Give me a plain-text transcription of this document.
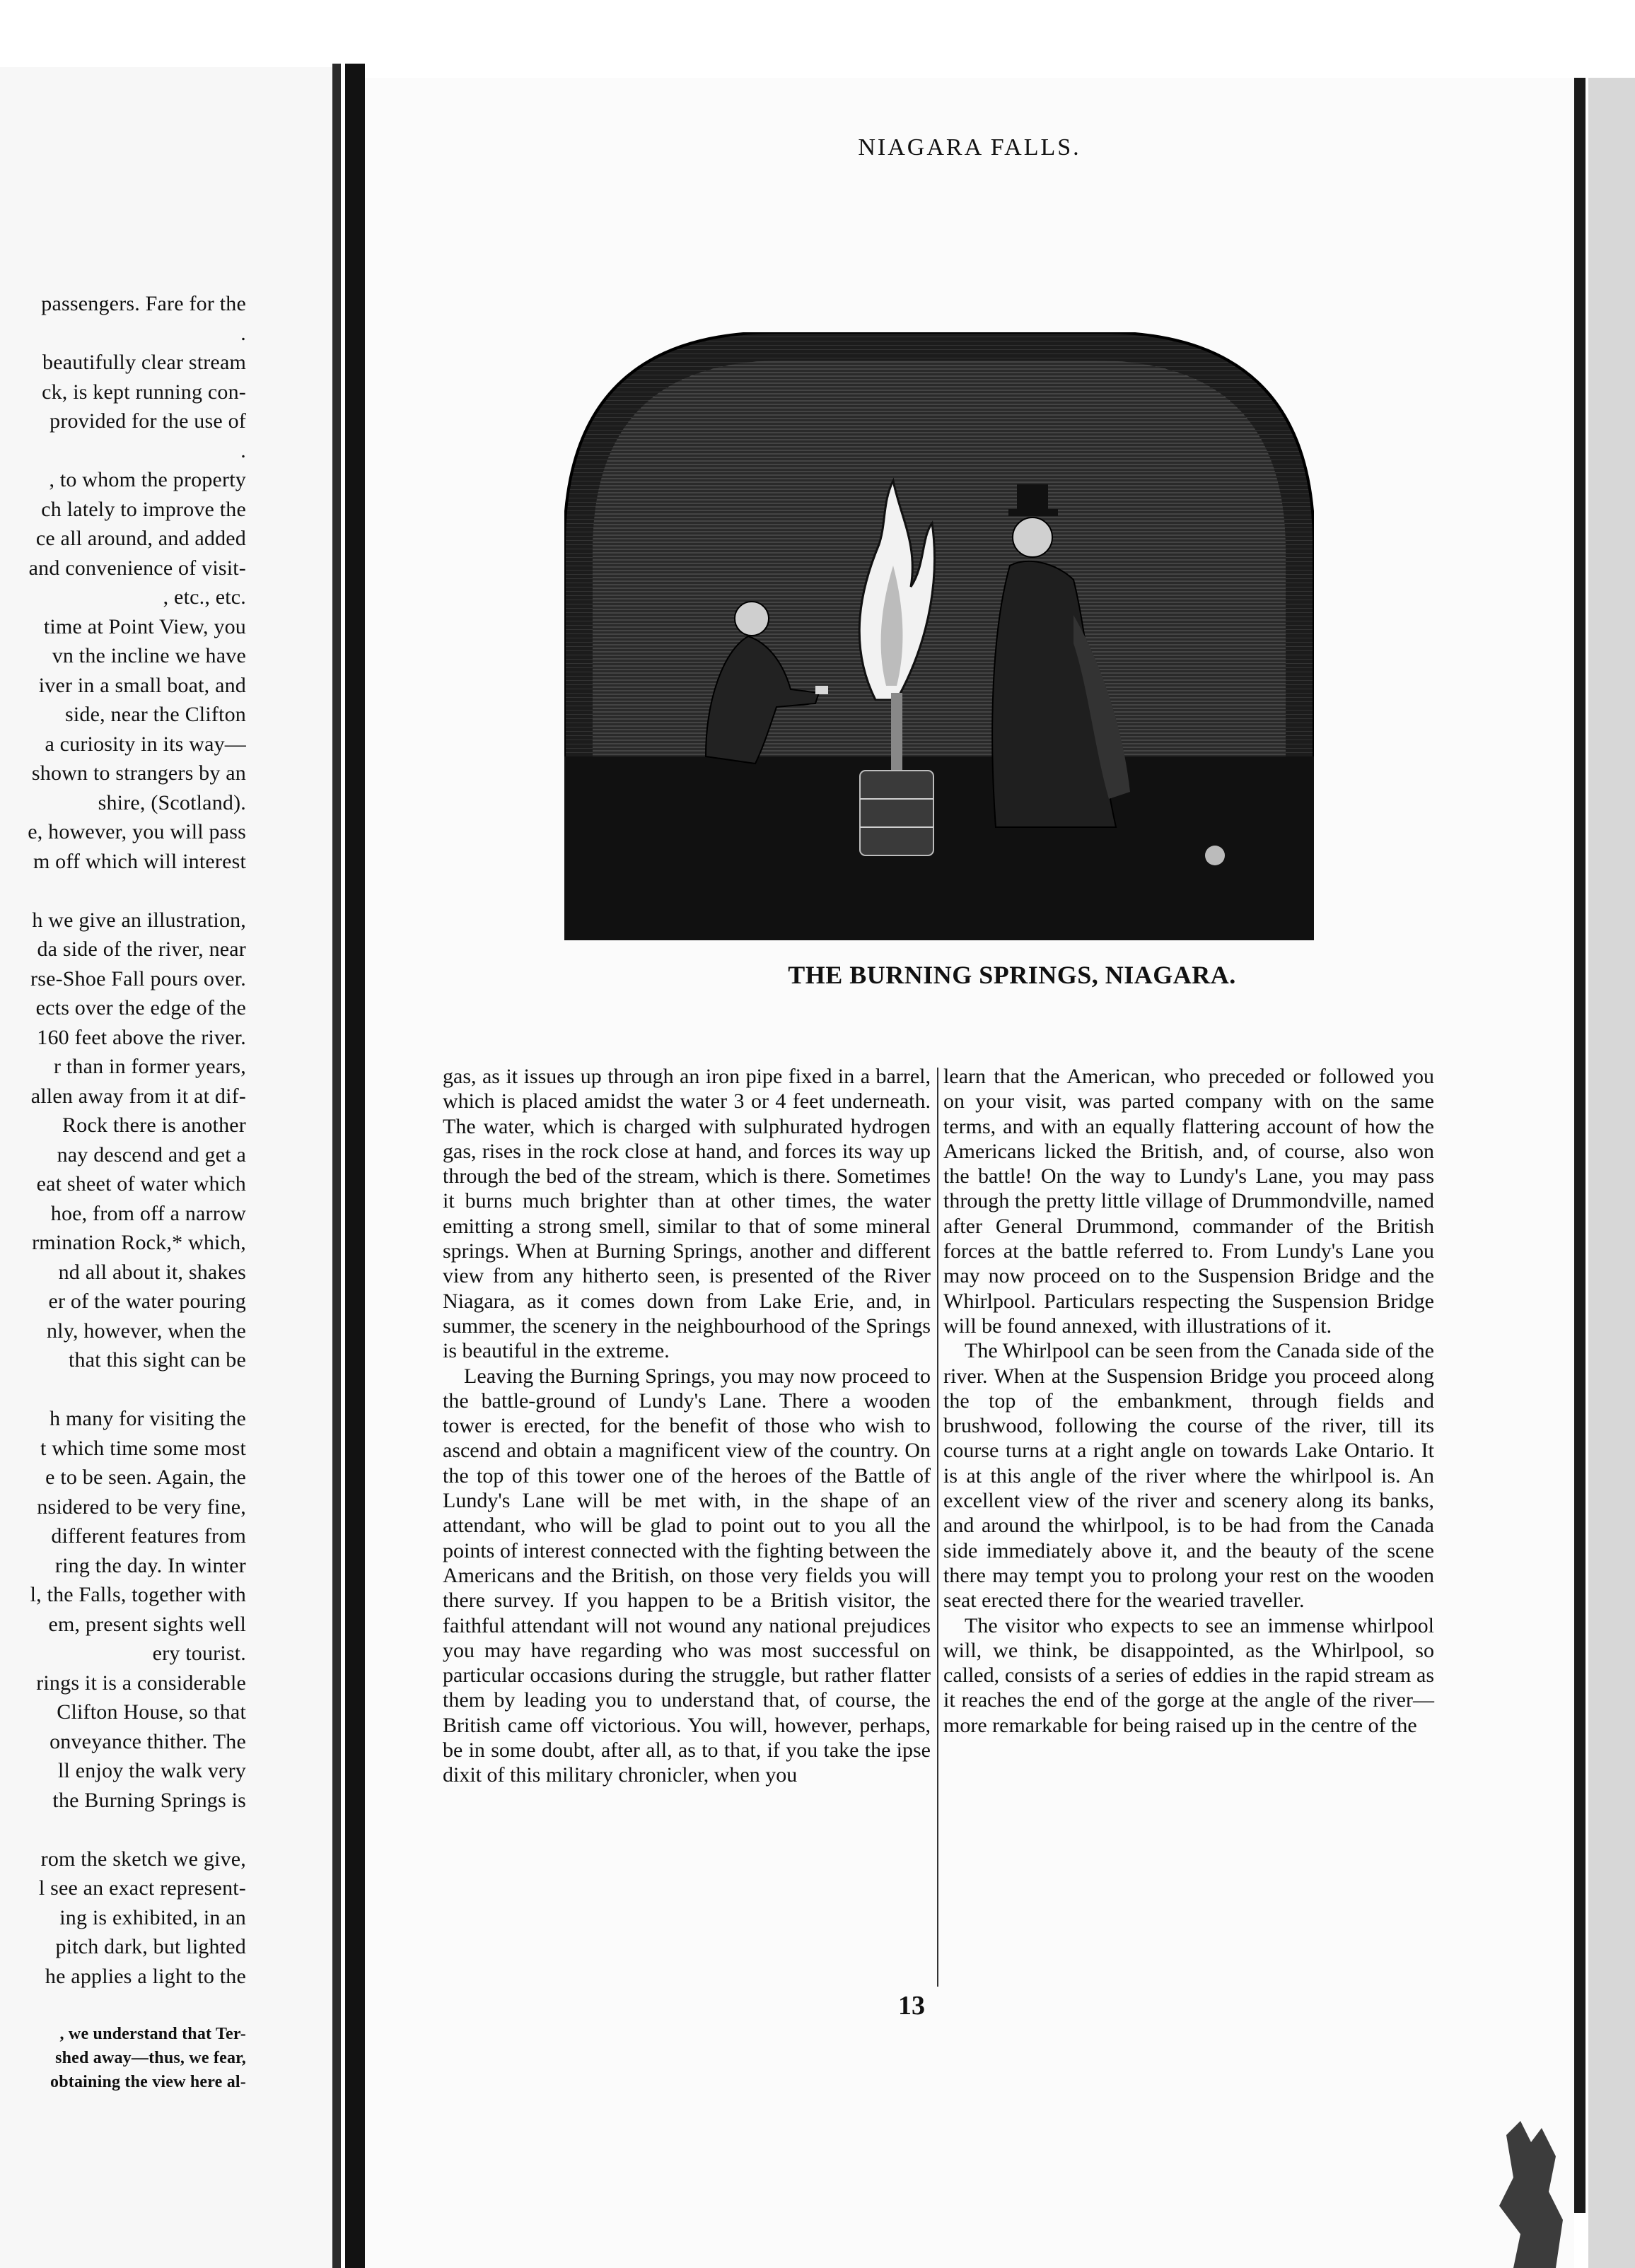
passengers. Fare for the
.
beautifully clear stream
ck, is kept running con-
provided for the use of
.
, to whom the property
ch lately to improve the
ce all around, and added
and convenience of visit-
, etc., etc.
time at Point View, you
vn the incline we have
iver in a small boat, and
side, near the Clifton
a curiosity in its way—
shown to strangers by an
shire, (Scotland).
e, however, you will pass
m off which will interest
h we give an illustration,
da side of the river, near
rse-Shoe Fall pours over.
ects over the edge of the
160 feet above the river.
r than in former years,
allen away from it at dif-
Rock there is another
nay descend and get a
eat sheet of water which
hoe, from off a narrow
rmination Rock,* which,
nd all about it, shakes
er of the water pouring
nly, however, when the
that this sight can be
h many for visiting the
t which time some most
e to be seen. Again, the
nsidered to be very fine,
different features from
ring the day. In winter
l, the Falls, together with
em, present sights well
ery tourist.
rings it is a considerable
Clifton House, so that
onveyance thither. The
ll enjoy the walk very
the Burning Springs is
rom the sketch we give,
l see an exact represent-
ing is exhibited, in an
pitch dark, but lighted
he applies a light to the
, we understand that Ter-
shed away—thus, we fear,
obtaining the view here al-
NIAGARA FALLS.
THE BURNING SPRINGS, NIAGARA.

gas, as it issues up through an iron pipe fixed in a barrel, which is placed amidst the water 3 or 4 feet underneath. The water, which is charged with sulphurated hydrogen gas, rises in the rock close at hand, and forces its way up through the bed of the stream, which is there. Sometimes it burns much brighter than at other times, the water emitting a strong smell, similar to that of some mineral springs. When at Burning Springs, another and different view from any hitherto seen, is presented of the River Niagara, as it comes down from Lake Erie, and, in summer, the scenery in the neighbourhood of the Springs is beautiful in the extreme.

Leaving the Burning Springs, you may now proceed to the battle-ground of Lundy's Lane. There a wooden tower is erected, for the benefit of those who wish to ascend and obtain a magnificent view of the country. On the top of this tower one of the heroes of the Battle of Lundy's Lane will be met with, in the shape of an attendant, who will be glad to point out to you all the points of interest connected with the fighting between the Americans and the British, on those very fields you will there survey. If you happen to be a British visitor, the faithful attendant will not wound any national prejudices you may have regarding who was most successful on particular occasions during the struggle, but rather flatter them by leading you to understand that, of course, the British came off victorious. You will, however, perhaps, be in some doubt, after all, as to that, if you take the ipse dixit of this military chronicler, when you

learn that the American, who preceded or followed you on your visit, was parted company with on the same terms, and with an equally flattering account of how the Americans licked the British, and, of course, also won the battle! On the way to Lundy's Lane, you may pass through the pretty little village of Drummondville, named after General Drummond, commander of the British forces at the battle referred to. From Lundy's Lane you may now proceed on to the Suspension Bridge and the Whirlpool. Particulars respecting the Suspension Bridge will be found annexed, with illustrations of it.

The Whirlpool can be seen from the Canada side of the river. When at the Suspension Bridge you proceed along the top of the embankment, through fields and brushwood, following the course of the river, till its course turns at a right angle on towards Lake Ontario. It is at this angle of the river where the whirlpool is. An excellent view of the river and scenery along its banks, and around the whirlpool, is to be had from the Canada side immediately above it, and the beauty of the scene there may tempt you to prolong your rest on the wooden seat erected there for the wearied traveller.

The visitor who expects to see an immense whirlpool will, we think, be disappointed, as the Whirlpool, so called, consists of a series of eddies in the rapid stream as it reaches the end of the gorge at the angle of the river—more remarkable for being raised up in the centre of the

13
